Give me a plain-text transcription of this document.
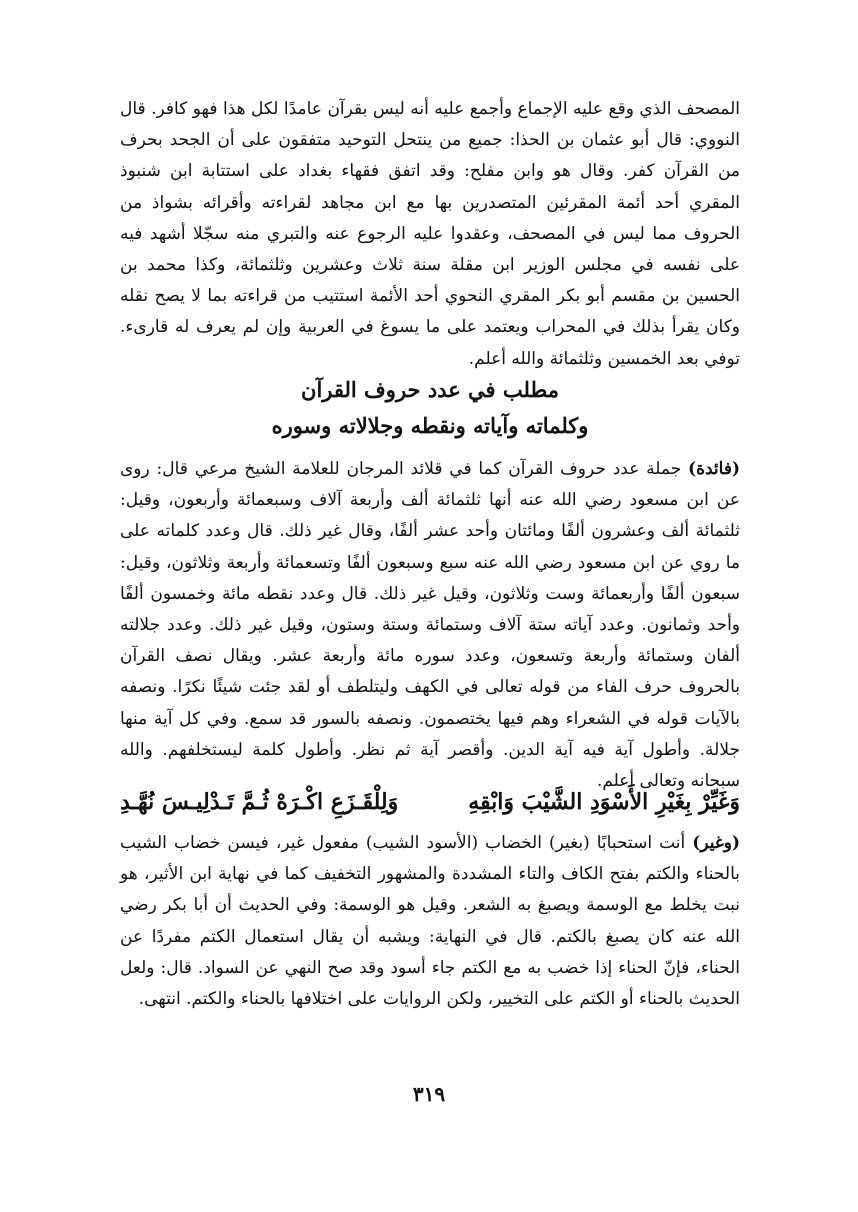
المصحف الذي وقع عليه الإجماع وأجمع عليه أنه ليس بقرآن عامدًا لكل هذا فهو كافر. قال النووي: قال أبو عثمان بن الحذا: جميع من ينتحل التوحيد متفقون على أن الجحد بحرف من القرآن كفر. وقال هو وابن مفلح: وقد اتفق فقهاء بغداد على استتابة ابن شنبوذ المقري أحد أئمة المقرئين المتصدرين بها مع ابن مجاهد لقراءته وأقرائه بشواذ من الحروف مما ليس في المصحف، وعقدوا عليه الرجوع عنه والتبري منه سجّلا أشهد فيه على نفسه في مجلس الوزير ابن مقلة سنة ثلاث وعشرين وثلثمائة، وكذا محمد بن الحسين بن مقسم أبو بكر المقري النحوي أحد الأئمة استتيب من قراءته بما لا يصح نقله وكان يقرأ بذلك في المحراب ويعتمد على ما يسوغ في العربية وإن لم يعرف له قارىء. توفي بعد الخمسين وثلثمائة والله أعلم.

مطلب في عدد حروف القرآن
وكلماته وآياته ونقطه وجلالاته وسوره

(فائدة) جملة عدد حروف القرآن كما في قلائد المرجان للعلامة الشيخ مرعي قال: روى عن ابن مسعود رضي الله عنه أنها ثلثمائة ألف وأربعة آلاف وسبعمائة وأربعون، وقيل: ثلثمائة ألف وعشرون ألفًا ومائتان وأحد عشر ألفًا، وقال غير ذلك. قال وعدد كلماته على ما روي عن ابن مسعود رضي الله عنه سبع وسبعون ألفًا وتسعمائة وأربعة وثلاثون، وقيل: سبعون ألفًا وأربعمائة وست وثلاثون، وقيل غير ذلك. قال وعدد نقطه مائة وخمسون ألفًا وأحد وثمانون. وعدد آياته ستة آلاف وستمائة وستة وستون، وقيل غير ذلك. وعدد جلالته ألفان وستمائة وأربعة وتسعون، وعدد سوره مائة وأربعة عشر. ويقال نصف القرآن بالحروف حرف الفاء من قوله تعالى في الكهف وليتلطف أو لقد جئت شيئًا نكرًا. ونصفه بالآيات قوله في الشعراء وهم فيها يختصمون. ونصفه بالسور قد سمع. وفي كل آية منها جلالة. وأطول آية فيه آية الدين. وأقصر آية ثم نظر. وأطول كلمة ليستخلفهم. والله سبحانه وتعالى أعلم.

وَغَيِّرْ بِغَيْرِ الأَسْوَدِ الشَّيْبَ وَابْقِهِ
وَلِلْقَـزَعِ اكْـرَهْ ثُـمَّ تَـدْلِيـسَ نُهَّـدِ

(وغير) أنت استحبابًا (بغير) الخضاب (الأسود الشيب) مفعول غير، فيسن خضاب الشيب بالحناء والكتم بفتح الكاف والتاء المشددة والمشهور التخفيف كما في نهاية ابن الأثير، هو نبت يخلط مع الوسمة ويصبغ به الشعر. وقيل هو الوسمة: وفي الحديث أن أبا بكر رضي الله عنه كان يصبغ بالكتم. قال في النهاية: ويشبه أن يقال استعمال الكتم مفردًا عن الحناء، فإنّ الحناء إذا خضب به مع الكتم جاء أسود وقد صح النهي عن السواد. قال: ولعل الحديث بالحناء أو الكتم على التخيير، ولكن الروايات على اختلافها بالحناء والكتم. انتهى.

٣١٩
